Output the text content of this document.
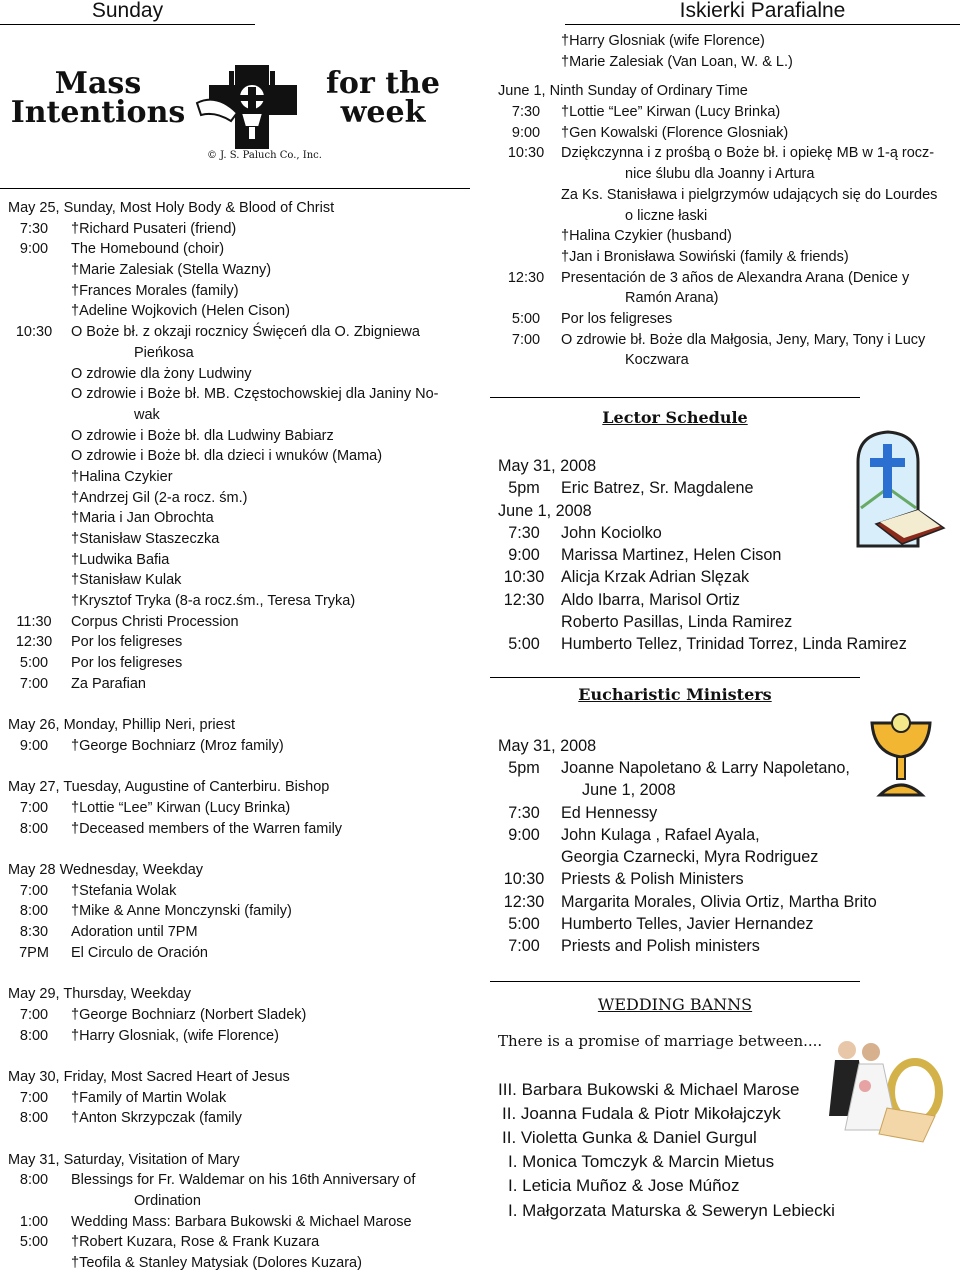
Sunday
Mass
Intentions
for the
week
© J. S. Paluch Co., Inc.
May 25, Sunday, Most Holy Body & Blood of Christ
7:30	†Richard Pusateri (friend)
9:00	The Homebound (choir)
†Marie Zalesiak (Stella Wazny)
†Frances Morales (family)
†Adeline Wojkovich (Helen Cison)
10:30	O Boże bł. z okzaji rocznicy Święceń dla O. Zbigniewa
Pieńkosa
O zdrowie dla żony Ludwiny
O zdrowie i Boże bł. MB. Częstochowskiej dla Janiny No-
wak
O zdrowie i Boże bł. dla Ludwiny Babiarz
O zdrowie i Boże bł. dla dzieci i wnuków (Mama)
†Halina Czykier
†Andrzej Gil (2-a rocz. śm.)
†Maria i Jan Obrochta
†Stanisław Staszeczka
†Ludwika Bafia
†Stanisław Kulak
†Krysztof Tryka (8-a rocz.śm., Teresa Tryka)
11:30	Corpus Christi Procession
12:30	Por los feligreses
5:00	Por los feligreses
7:00	Za Parafian
May 26, Monday, Phillip Neri, priest
9:00	†George Bochniarz (Mroz family)
May 27, Tuesday, Augustine of Canterbiru. Bishop
7:00	†Lottie “Lee” Kirwan (Lucy Brinka)
8:00	†Deceased members of the Warren family
May 28 Wednesday, Weekday
7:00	†Stefania Wolak
8:00	†Mike & Anne Monczynski (family)
8:30	Adoration until 7PM
7PM	El Circulo de Oración
May 29, Thursday, Weekday
7:00	†George Bochniarz (Norbert Sladek)
8:00	†Harry Glosniak, (wife Florence)
May 30, Friday, Most Sacred Heart of Jesus
7:00	†Family of Martin Wolak
8:00	†Anton Skrzypczak (family
May 31, Saturday, Visitation of Mary
8:00	Blessings for Fr. Waldemar on his 16th Anniversary of
Ordination
1:00	Wedding Mass: Barbara Bukowski & Michael Marose
5:00	†Robert Kuzara, Rose & Frank Kuzara
†Teofila & Stanley Matysiak (Dolores Kuzara)
Iskierki Parafialne
†Harry Glosniak (wife Florence)
†Marie Zalesiak (Van Loan, W. & L.)
June 1, Ninth Sunday of Ordinary Time
7:30	†Lottie “Lee” Kirwan (Lucy Brinka)
9:00	†Gen Kowalski (Florence Glosniak)
10:30	Dziękczynna i z prośbą o Boże bł. i opiekę MB w 1-ą rocz-
nice ślubu dla Joanny i Artura
Za Ks. Stanisława i pielgrzymów udających się do Lourdes
o liczne łaski
†Halina Czykier (husband)
†Jan i Bronisława Sowiński (family & friends)
12:30	Presentación de 3 años de Alexandra Arana (Denice y
Ramón Arana)
5:00	Por los feligreses
7:00	O zdrowie bł. Boże dla Małgosia, Jeny, Mary, Tony i Lucy
Koczwara
Lector Schedule
May 31, 2008
5pm	Eric Batrez, Sr. Magdalene
June 1, 2008
7:30	John Kociolko
9:00	Marissa Martinez, Helen Cison
10:30	Alicja Krzak Adrian Slęzak
12:30	Aldo Ibarra, Marisol Ortiz
Roberto Pasillas, Linda Ramirez
5:00	Humberto Tellez, Trinidad Torrez, Linda Ramirez
Eucharistic Ministers
May 31, 2008
5pm	Joanne Napoletano & Larry Napoletano,
June 1, 2008
7:30	Ed Hennessy
9:00	John Kulaga , Rafael Ayala,
Georgia Czarnecki, Myra Rodriguez
10:30	Priests & Polish Ministers
12:30	Margarita Morales, Olivia Ortiz, Martha Brito
5:00	Humberto Telles, Javier Hernandez
7:00	Priests and Polish ministers
WEDDING BANNS
There is a promise of marriage between....
III. Barbara Bukowski & Michael Marose
II. Joanna Fudala & Piotr Mikołajczyk
II. Violetta Gunka & Daniel Gurgul
I. Monica Tomczyk & Marcin Mietus
I. Leticia Muñoz & Jose Múñoz
I. Małgorzata Maturska & Seweryn Lebiecki
